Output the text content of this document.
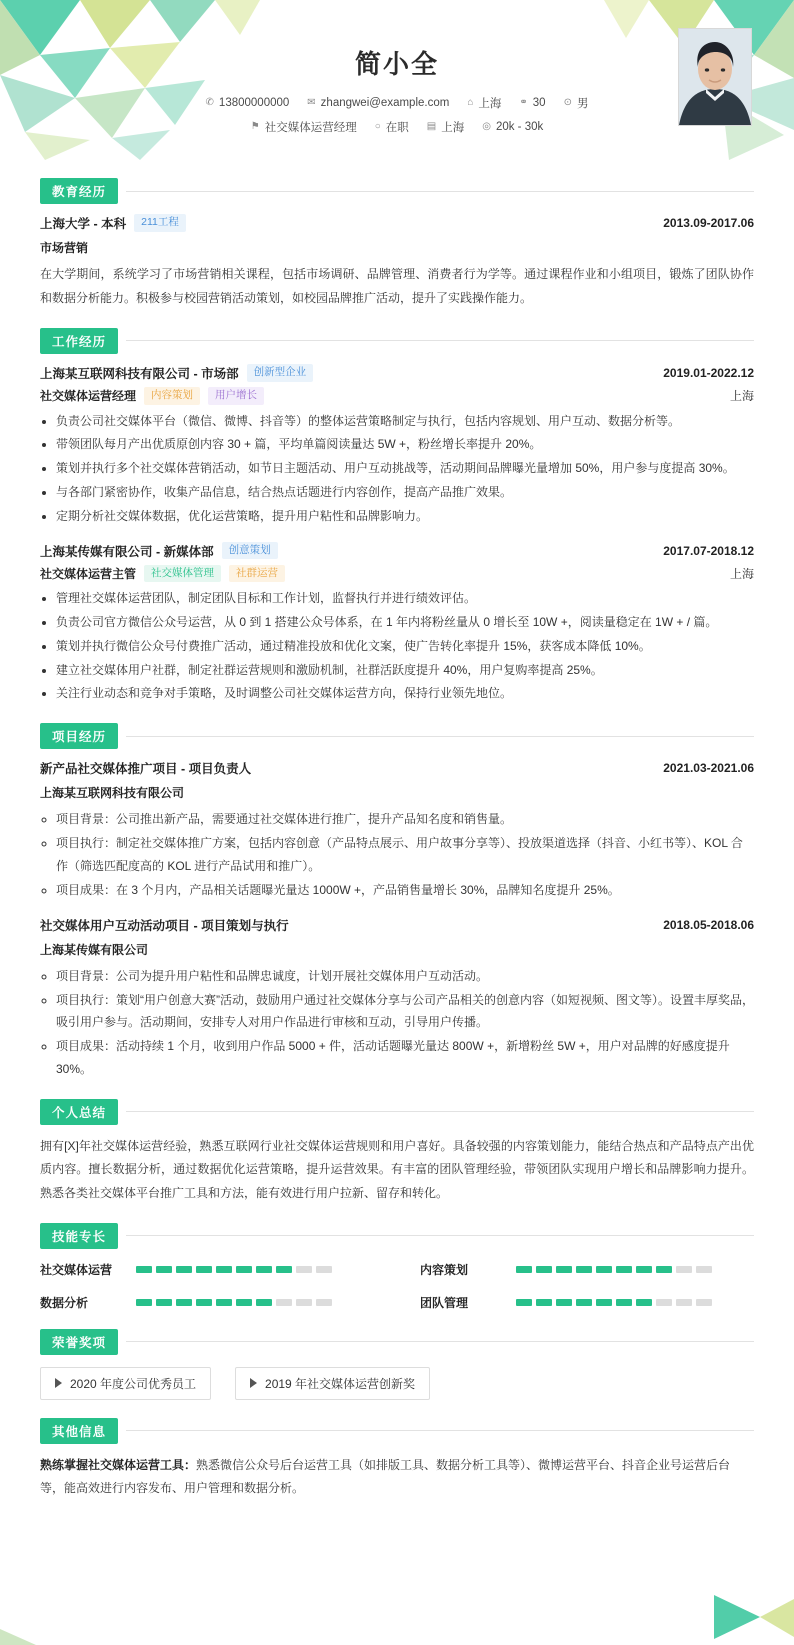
简小全
✆ 13800000000 ✉ zhangwei@example.com ⌂ 上海 ⚭ 30 ⊙ 男
⚑ 社交媒体运营经理 ○ 在职 ▤ 上海 ◎ 20k - 30k
教育经历
上海大学 - 本科	211工程	2013.09-2017.06
市场营销
在大学期间，系统学习了市场营销相关课程，包括市场调研、品牌管理、消费者行为学等。通过课程作业和小组项目，锻炼了团队协作和数据分析能力。积极参与校园营销活动策划，如校园品牌推广活动，提升了实践操作能力。
工作经历
上海某互联网科技有限公司 - 市场部	创新型企业	2019.01-2022.12
社交媒体运营经理	内容策划	用户增长	上海
• 负责公司社交媒体平台（微信、微博、抖音等）的整体运营策略制定与执行，包括内容规划、用户互动、数据分析等。
• 带领团队每月产出优质原创内容 30 + 篇，平均单篇阅读量达 5W +，粉丝增长率提升 20%。
• 策划并执行多个社交媒体营销活动，如节日主题活动、用户互动挑战等，活动期间品牌曝光量增加 50%，用户参与度提高 30%。
• 与各部门紧密协作，收集产品信息，结合热点话题进行内容创作，提高产品推广效果。
• 定期分析社交媒体数据，优化运营策略，提升用户粘性和品牌影响力。
上海某传媒有限公司 - 新媒体部	创意策划	2017.07-2018.12
社交媒体运营主管	社交媒体管理	社群运营	上海
• 管理社交媒体运营团队，制定团队目标和工作计划，监督执行并进行绩效评估。
• 负责公司官方微信公众号运营，从 0 到 1 搭建公众号体系，在 1 年内将粉丝量从 0 增长至 10W +，阅读量稳定在 1W + / 篇。
• 策划并执行微信公众号付费推广活动，通过精准投放和优化文案，使广告转化率提升 15%，获客成本降低 10%。
• 建立社交媒体用户社群，制定社群运营规则和激励机制，社群活跃度提升 40%，用户复购率提高 25%。
• 关注行业动态和竞争对手策略，及时调整公司社交媒体运营方向，保持行业领先地位。
项目经历
新产品社交媒体推广项目 - 项目负责人	2021.03-2021.06
上海某互联网科技有限公司
◦ 项目背景：公司推出新产品，需要通过社交媒体进行推广，提升产品知名度和销售量。
◦ 项目执行：制定社交媒体推广方案，包括内容创意（产品特点展示、用户故事分享等）、投放渠道选择（抖音、小红书等）、KOL 合作（筛选匹配度高的 KOL 进行产品试用和推广）。
◦ 项目成果：在 3 个月内，产品相关话题曝光量达 1000W +，产品销售量增长 30%，品牌知名度提升 25%。
社交媒体用户互动活动项目 - 项目策划与执行	2018.05-2018.06
上海某传媒有限公司
◦ 项目背景：公司为提升用户粘性和品牌忠诚度，计划开展社交媒体用户互动活动。
◦ 项目执行：策划“用户创意大赛”活动，鼓励用户通过社交媒体分享与公司产品相关的创意内容（如短视频、图文等）。设置丰厚奖品，吸引用户参与。活动期间，安排专人对用户作品进行审核和互动，引导用户传播。
◦ 项目成果：活动持续 1 个月，收到用户作品 5000 + 件，活动话题曝光量达 800W +，新增粉丝 5W +，用户对品牌的好感度提升 30%。
个人总结
拥有[X]年社交媒体运营经验，熟悉互联网行业社交媒体运营规则和用户喜好。具备较强的内容策划能力，能结合热点和产品特点产出优质内容。擅长数据分析，通过数据优化运营策略，提升运营效果。有丰富的团队管理经验，带领团队实现用户增长和品牌影响力提升。熟悉各类社交媒体平台推广工具和方法，能有效进行用户拉新、留存和转化。
技能专长
社交媒体运营	内容策划
数据分析	团队管理
荣誉奖项
2020 年度公司优秀员工	2019 年社交媒体运营创新奖
其他信息
熟练掌握社交媒体运营工具：熟悉微信公众号后台运营工具（如排版工具、数据分析工具等）、微博运营平台、抖音企业号运营后台等，能高效进行内容发布、用户管理和数据分析。
